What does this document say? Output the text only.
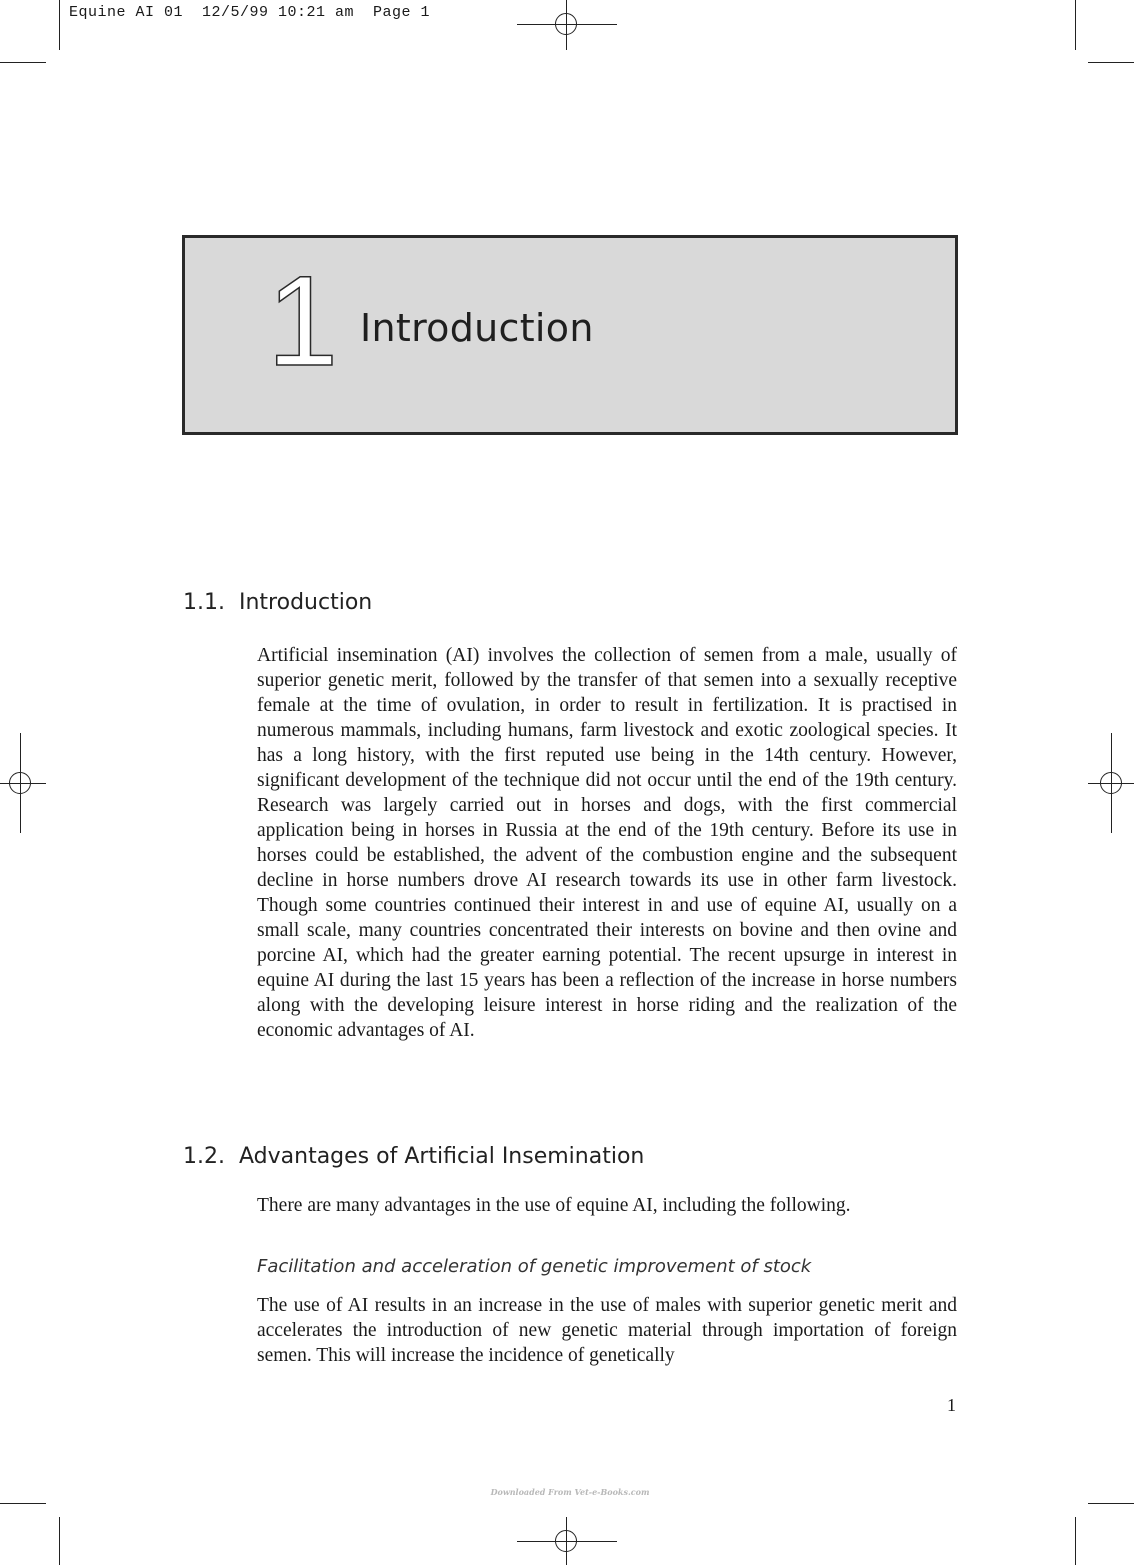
Equine AI 01  12/5/99 10:21 am  Page 1
1 Introduction
1.1. Introduction

Artificial insemination (AI) involves the collection of semen from a male, usually of superior genetic merit, followed by the transfer of that semen into a sexually receptive female at the time of ovulation, in order to result in fertilization. It is practised in numerous mammals, including humans, farm livestock and exotic zoological species. It has a long history, with the first reputed use being in the 14th century. However, significant development of the technique did not occur until the end of the 19th century. Research was largely carried out in horses and dogs, with the first commercial application being in horses in Russia at the end of the 19th century. Before its use in horses could be established, the advent of the combustion engine and the subsequent decline in horse numbers drove AI research towards its use in other farm livestock. Though some countries continued their interest in and use of equine AI, usually on a small scale, many countries concentrated their interests on bovine and then ovine and porcine AI, which had the greater earning potential. The recent upsurge in interest in equine AI during the last 15 years has been a reflection of the increase in horse numbers along with the developing leisure interest in horse riding and the realization of the economic advantages of AI.

1.2. Advantages of Artificial Insemination

There are many advantages in the use of equine AI, including the following.

Facilitation and acceleration of genetic improvement of stock

The use of AI results in an increase in the use of males with superior genetic merit and accelerates the introduction of new genetic material through importation of foreign semen. This will increase the incidence of genetically

1
Downloaded From Vet-e-Books.com
